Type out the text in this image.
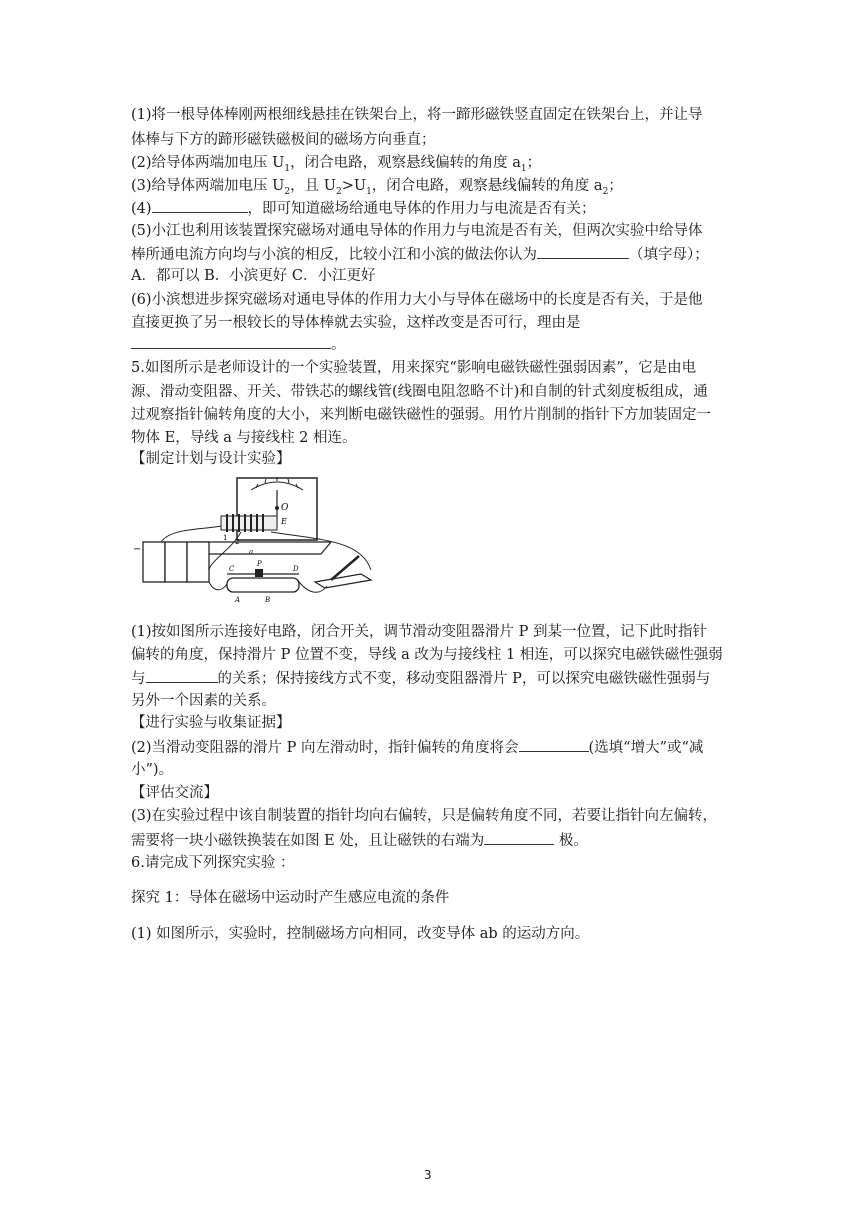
(1)将一根导体棒刚两根细线悬挂在铁架台上，将一蹄形磁铁竖直固定在铁架台上，并让导
体棒与下方的蹄形磁铁磁极间的磁场方向垂直；
(2)给导体两端加电压 $U_1$，闭合电路，观察悬线偏转的角度 $a_1$；
(3)给导体两端加电压 $U_2$，且 $U_2>U_1$，闭合电路，观察悬线偏转的角度 $a_2$；
(4)	，即可知道磁场给通电导体的作用力与电流是否有关；
(5)小江也利用该装置探究磁场对通电导体的作用力与电流是否有关，但两次实验中给导体
棒所通电流方向均与小滨的相反，比较小江和小滨的做法你认为	（填字母）；
A．都可以 B．小滨更好 C．小江更好
(6)小滨想进步探究磁场对通电导体的作用力大小与导体在磁场中的长度是否有关，于是他
直接更换了另一根较长的导体棒就去实验，这样改变是否可行，理由是
。
5.如图所示是老师设计的一个实验装置，用来探究“影响电磁铁磁性强弱因素”，它是由电
源、滑动变阻器、开关、带铁芯的螺线管(线圈电阻忽略不计)和自制的针式刻度板组成，通
过观察指针偏转角度的大小，来判断电磁铁磁性的强弱。用竹片削制的指针下方加装固定一
物体 E，导线 a 与接线柱 2 相连。
【制定计划与设计实验】
O
E
1 2
a
−
C
P
D
A	B
(1)按如图所示连接好电路，闭合开关，调节滑动变阻器滑片 P 到某一位置，记下此时指针
偏转的角度，保持滑片 P 位置不变，导线 a 改为与接线柱 1 相连，可以探究电磁铁磁性强弱
与	的关系；保持接线方式不变，移动变阻器滑片 P，可以探究电磁铁磁性强弱与
另外一个因素的关系。
【进行实验与收集证据】
(2)当滑动变阻器的滑片 P 向左滑动时，指针偏转的角度将会	(选填“增大”或“减
小”)。
【评估交流】
(3)在实验过程中该自制装置的指针均向右偏转，只是偏转角度不同，若要让指针向左偏转，
需要将一块小磁铁换装在如图 E 处，且让磁铁的右端为	极。
6.请完成下列探究实验 ：
探究 1：导体在磁场中运动时产生感应电流的条件
(1) 如图所示，实验时，控制磁场方向相同，改变导体 ab 的运动方向。
3
